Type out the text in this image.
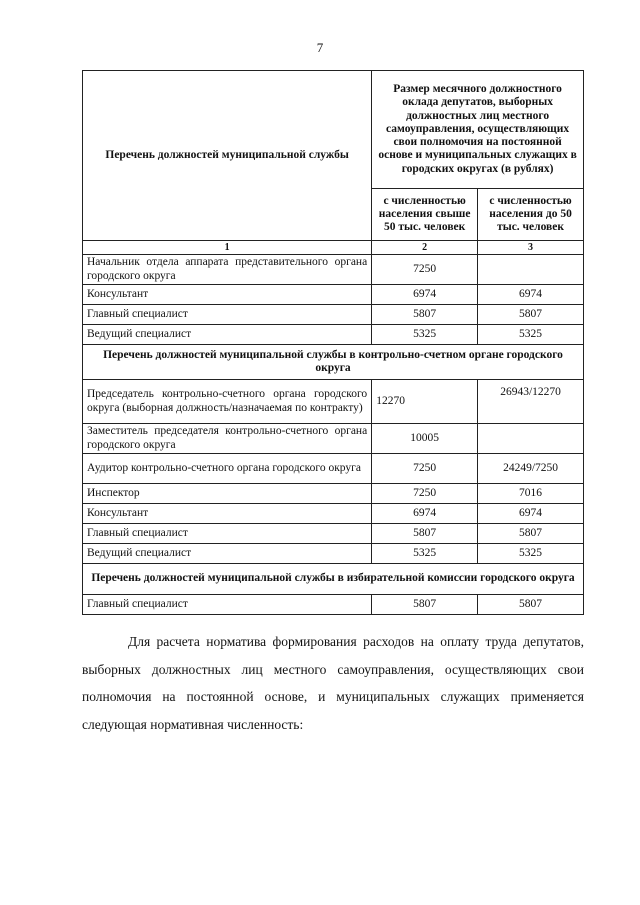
7
Перечень должностей муниципальной службы	Размер месячного должностного оклада депутатов, выборных должностных лиц местного самоуправления, осуществляющих свои полномочия на постоянной основе и муниципальных служащих в городских округах (в рублях)	
	с численностью населения свыше 50 тыс. человек	с численностью населения до 50 тыс. человек
1	2	3
Начальник отдела аппарата представительного органа городского округа	7250	
Консультант	6974	6974
Главный специалист	5807	5807
Ведущий специалист	5325	5325
Перечень должностей муниципальной службы в контрольно-счетном органе городского округа		
Председатель контрольно-счетного органа городского округа (выборная должность/назначаемая по контракту)	12270	26943/12270
Заместитель председателя контрольно-счетного органа городского округа	10005	
Аудитор контрольно-счетного органа городского округа	7250	24249/7250
Инспектор	7250	7016
Консультант	6974	6974
Главный специалист	5807	5807
Ведущий специалист	5325	5325
Перечень должностей муниципальной службы в избирательной комиссии городского округа		
Главный специалист	5807	5807
Для расчета норматива формирования расходов на оплату труда депутатов, выборных должностных лиц местного самоуправления, осуществляющих свои полномочия на постоянной основе, и муниципальных служащих применяется следующая нормативная численность:
